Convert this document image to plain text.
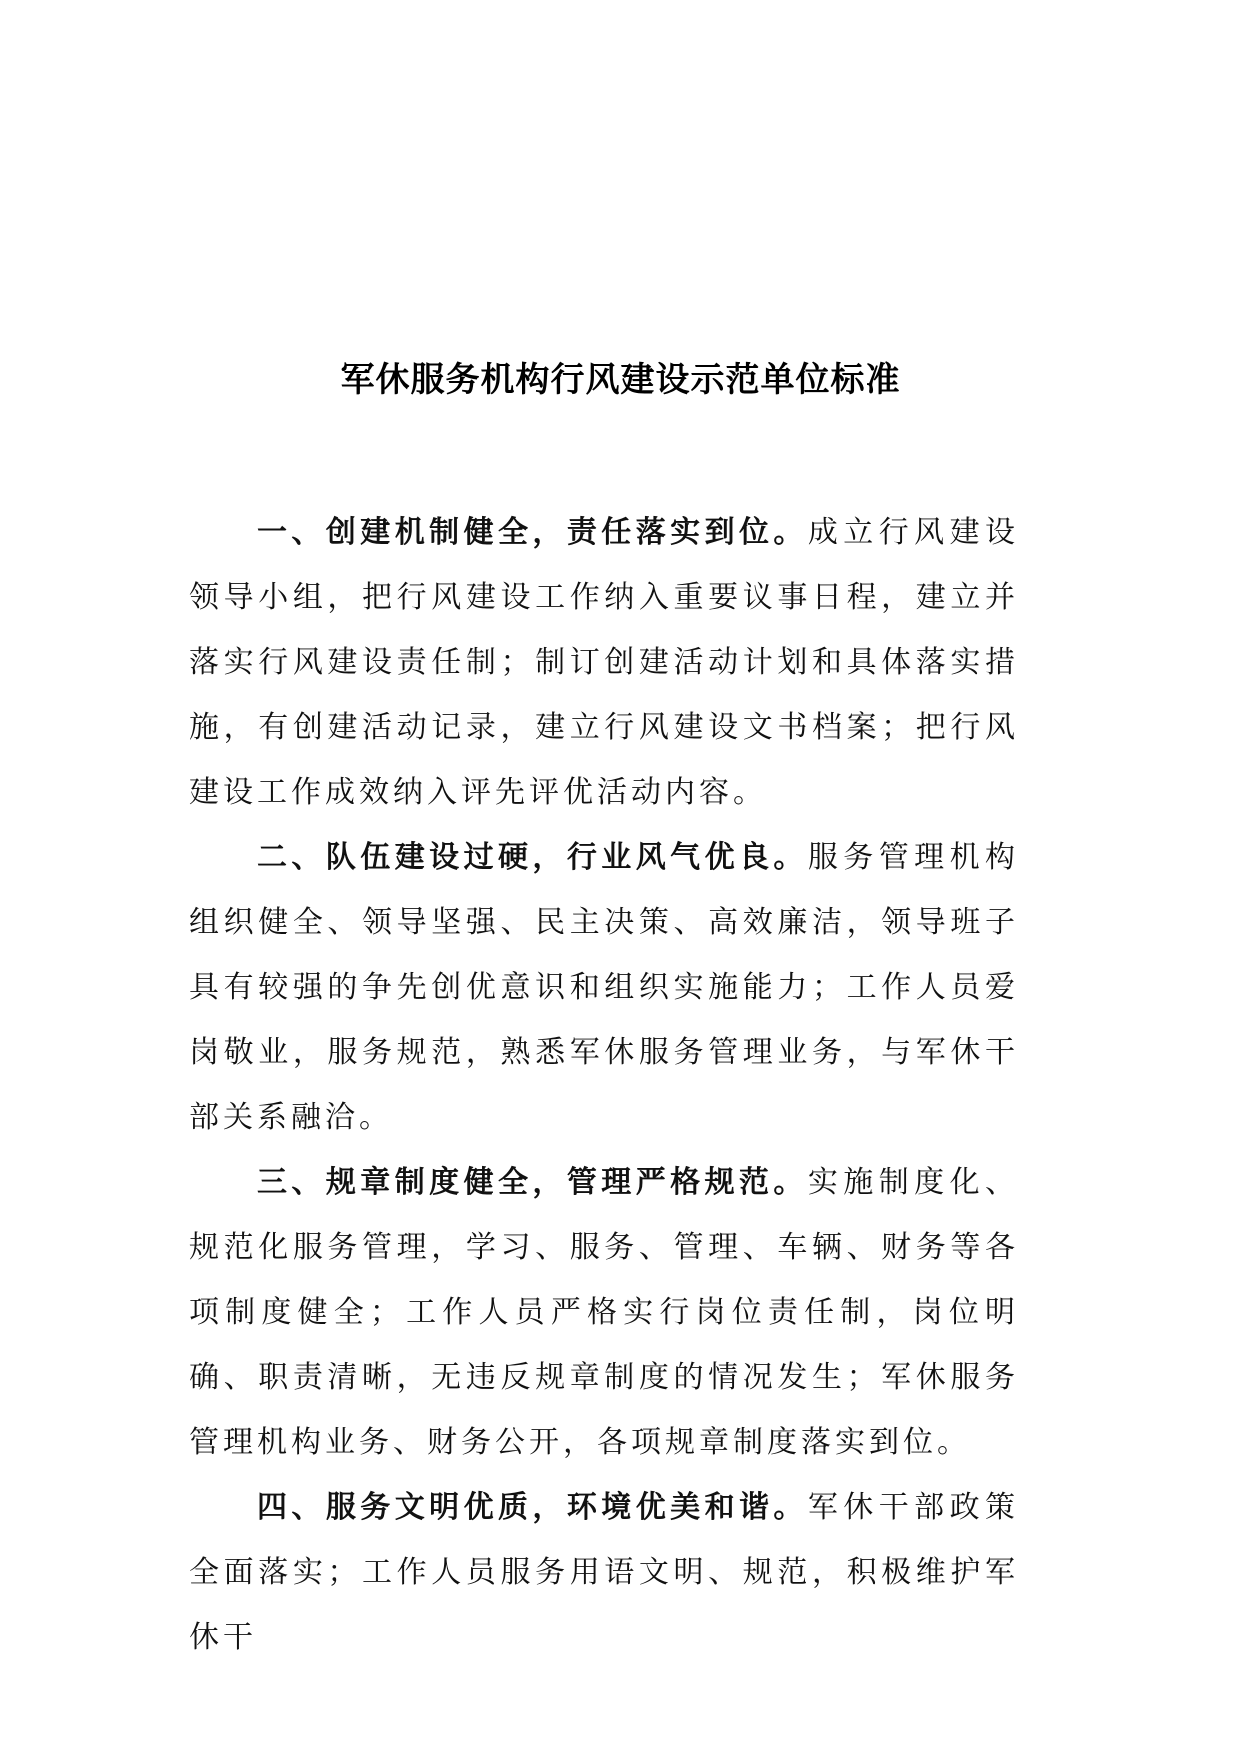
军休服务机构行风建设示范单位标准

一、创建机制健全，责任落实到位。成立行风建设领导小组，把行风建设工作纳入重要议事日程，建立并落实行风建设责任制；制订创建活动计划和具体落实措施，有创建活动记录，建立行风建设文书档案；把行风建设工作成效纳入评先评优活动内容。

二、队伍建设过硬，行业风气优良。服务管理机构组织健全、领导坚强、民主决策、高效廉洁，领导班子具有较强的争先创优意识和组织实施能力；工作人员爱岗敬业，服务规范，熟悉军休服务管理业务，与军休干部关系融洽。

三、规章制度健全，管理严格规范。实施制度化、规范化服务管理，学习、服务、管理、车辆、财务等各项制度健全；工作人员严格实行岗位责任制，岗位明确、职责清晰，无违反规章制度的情况发生；军休服务管理机构业务、财务公开，各项规章制度落实到位。

四、服务文明优质，环境优美和谐。军休干部政策全面落实；工作人员服务用语文明、规范，积极维护军休干
